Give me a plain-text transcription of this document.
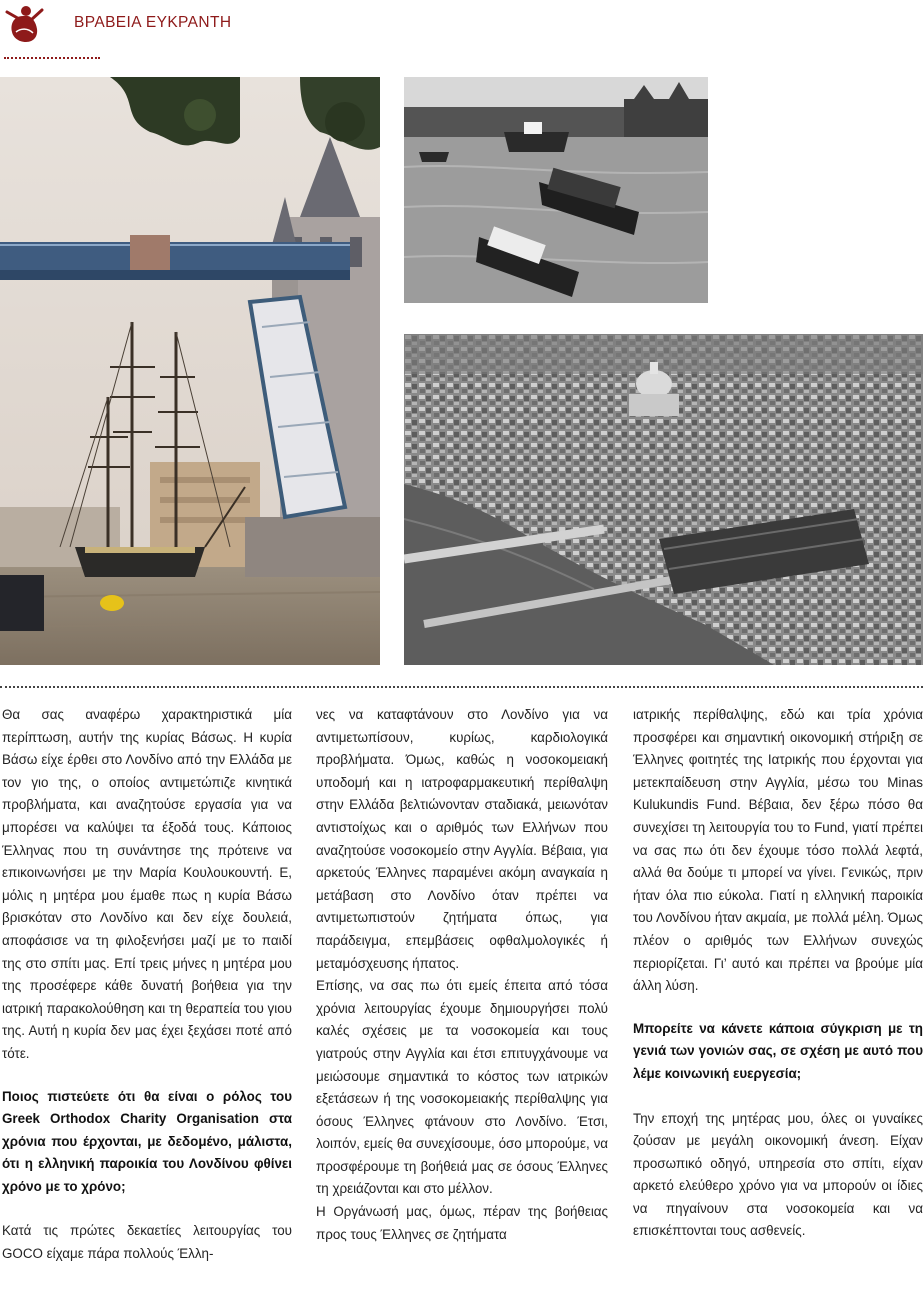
ΒΡΑΒΕΙΑ ΕΥΚΡΑΝΤΗ

Θα σας αναφέρω χαρακτηριστικά μία περίπτωση, αυτήν της κυρίας Βάσως. Η κυρία Βάσω είχε έρθει στο Λονδίνο από την Ελλάδα με τον γιο της, ο οποίος αντιμετώπιζε κινητικά προβλήματα, και αναζητούσε εργασία για να μπορέσει να καλύψει τα έξοδά τους. Κάποιος Έλληνας που τη συνάντησε της πρότεινε να επικοινωνήσει με την Μαρία Κουλουκουντή. Ε, μόλις η μητέρα μου έμαθε πως η κυρία Βάσω βρισκόταν στο Λονδίνο και δεν είχε δουλειά, αποφάσισε να τη φιλοξενήσει μαζί με το παιδί της στο σπίτι μας. Επί τρεις μήνες η μητέρα μου της προσέφερε κάθε δυνατή βοήθεια για την ιατρική παρακολούθηση και τη θεραπεία του γιου της. Αυτή η κυρία δεν μας έχει ξεχάσει ποτέ από τότε.

Ποιος πιστεύετε ότι θα είναι ο ρόλος του Greek Orthodox Charity Organisation στα χρόνια που έρχονται, με δεδομένο, μάλιστα, ότι η ελληνική παροικία του Λονδίνου φθίνει χρόνο με το χρόνο;

Κατά τις πρώτες δεκαετίες λειτουργίας του GOCO είχαμε πάρα πολλούς Έλλη-

νες να καταφτάνουν στο Λονδίνο για να αντιμετωπίσουν, κυρίως, καρδιολογικά προβλήματα. Όμως, καθώς η νοσοκομειακή υποδομή και η ιατροφαρμακευτική περίθαλψη στην Ελλάδα βελτιώνονταν σταδιακά, μειωνόταν αντιστοίχως και ο αριθμός των Ελλήνων που αναζητούσε νοσοκομείο στην Αγγλία. Βέβαια, για αρκετούς Έλληνες παραμένει ακόμη αναγκαία η μετάβαση στο Λονδίνο όταν πρέπει να αντιμετωπιστούν ζητήματα όπως, για παράδειγμα, επεμβάσεις οφθαλμολογικές ή μεταμόσχευσης ήπατος.

Επίσης, να σας πω ότι εμείς έπειτα από τόσα χρόνια λειτουργίας έχουμε δημιουργήσει πολύ καλές σχέσεις με τα νοσοκομεία και τους γιατρούς στην Αγγλία και έτσι επιτυγχάνουμε να μειώσουμε σημαντικά το κόστος των ιατρικών εξετάσεων ή της νοσοκομειακής περίθαλψης για όσους Έλληνες φτάνουν στο Λονδίνο. Έτσι, λοιπόν, εμείς θα συνεχίσουμε, όσο μπορούμε, να προσφέρουμε τη βοήθειά μας σε όσους Έλληνες τη χρειάζονται και στο μέλλον.

Η Οργάνωσή μας, όμως, πέραν της βοήθειας προς τους Έλληνες σε ζητήματα

ιατρικής περίθαλψης, εδώ και τρία χρόνια προσφέρει και σημαντική οικονομική στήριξη σε Έλληνες φοιτητές της Ιατρικής που έρχονται για μετεκπαίδευση στην Αγγλία, μέσω του Minas Kulukundis Fund. Βέβαια, δεν ξέρω πόσο θα συνεχίσει τη λειτουργία του το Fund, γιατί πρέπει να σας πω ότι δεν έχουμε τόσο πολλά λεφτά, αλλά θα δούμε τι μπορεί να γίνει. Γενικώς, πριν ήταν όλα πιο εύκολα. Γιατί η ελληνική παροικία του Λονδίνου ήταν ακμαία, με πολλά μέλη. Όμως πλέον ο αριθμός των Ελλήνων συνεχώς περιορίζεται. Γι’ αυτό και πρέπει να βρούμε μία άλλη λύση.

Μπορείτε να κάνετε κάποια σύγκριση με τη γενιά των γονιών σας, σε σχέση με αυτό που λέμε κοινωνική ευεργεσία;

Την εποχή της μητέρας μου, όλες οι γυναίκες ζούσαν με μεγάλη οικονομική άνεση. Είχαν προσωπικό οδηγό, υπηρεσία στο σπίτι, είχαν αρκετό ελεύθερο χρόνο για να μπορούν οι ίδιες να πηγαίνουν στα νοσοκομεία και να επισκέπτονται τους ασθενείς.
